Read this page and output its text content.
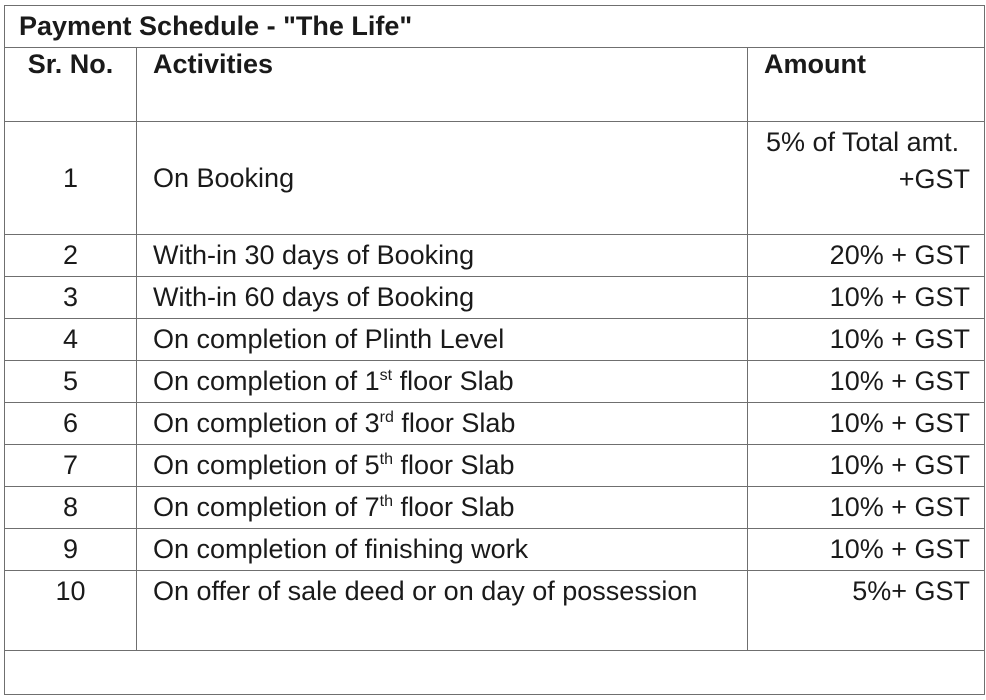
Payment Schedule - "The Life"		
Sr. No.	Activities	Amount
1	On Booking	5% of Total amt.
+GST

2	With-in 30 days of Booking	20% + GST
3	With-in 60 days of Booking	10% + GST
4	On completion of Plinth Level	10% + GST
5	On completion of 1st floor Slab	10% + GST
6	On completion of 3rd floor Slab	10% + GST
7	On completion of 5th floor Slab	10% + GST
8	On completion of 7th floor Slab	10% + GST
9	On completion of finishing work	10% + GST
10	On offer of sale deed or on day of possession	5%+ GST
